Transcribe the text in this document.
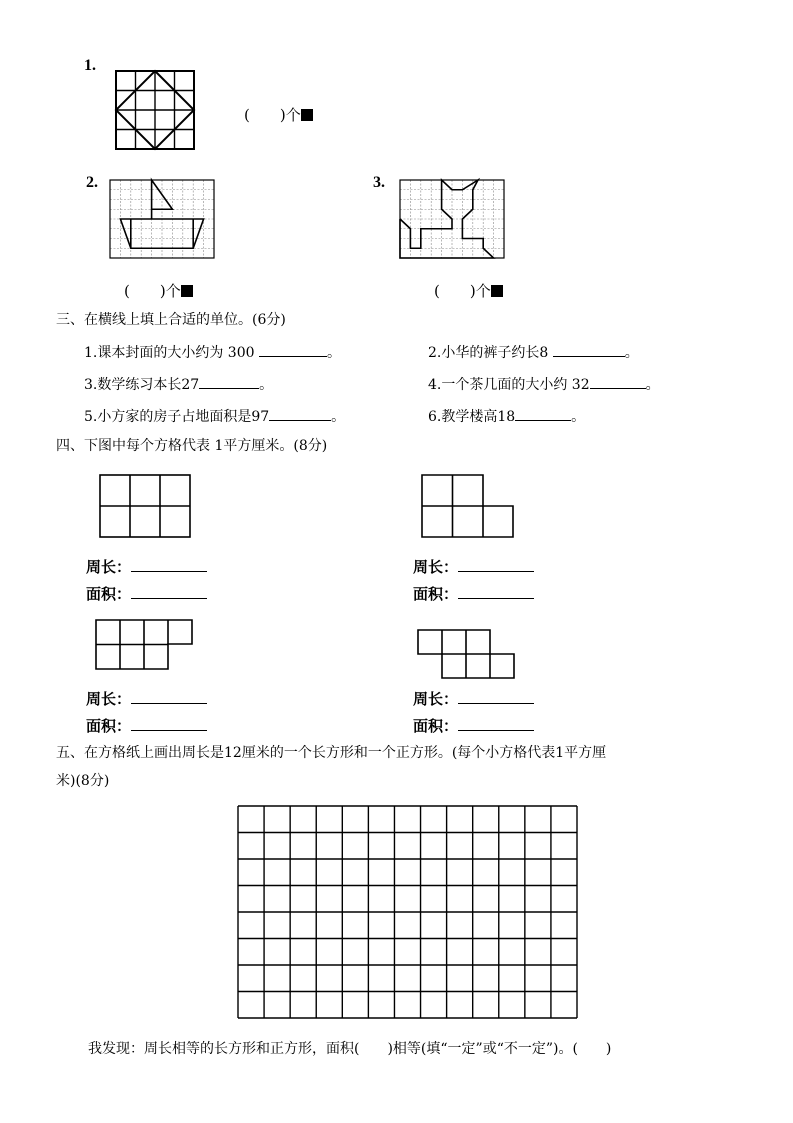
1.
(　　)个
2.
(　　)个
3.
(　　)个
三、在横线上填上合适的单位。(6分)
1.课本封面的大小约为 300	。	2.小华的裤子约长8	。
3.数学练习本长27	。	4.一个茶几面的大小约 32	。
5.小方家的房子占地面积是97	。	6.教学楼高18	。
四、下图中每个方格代表 1平方厘米。(8分)
周长：
面积：
周长：
面积：
周长：
面积：
周长：
面积：
五、在方格纸上画出周长是12厘米的一个长方形和一个正方形。(每个小方格代表1平方厘
米)(8分)
我发现：周长相等的长方形和正方形，面积(　　)相等(填“一定”或“不一定”)。(　　)
